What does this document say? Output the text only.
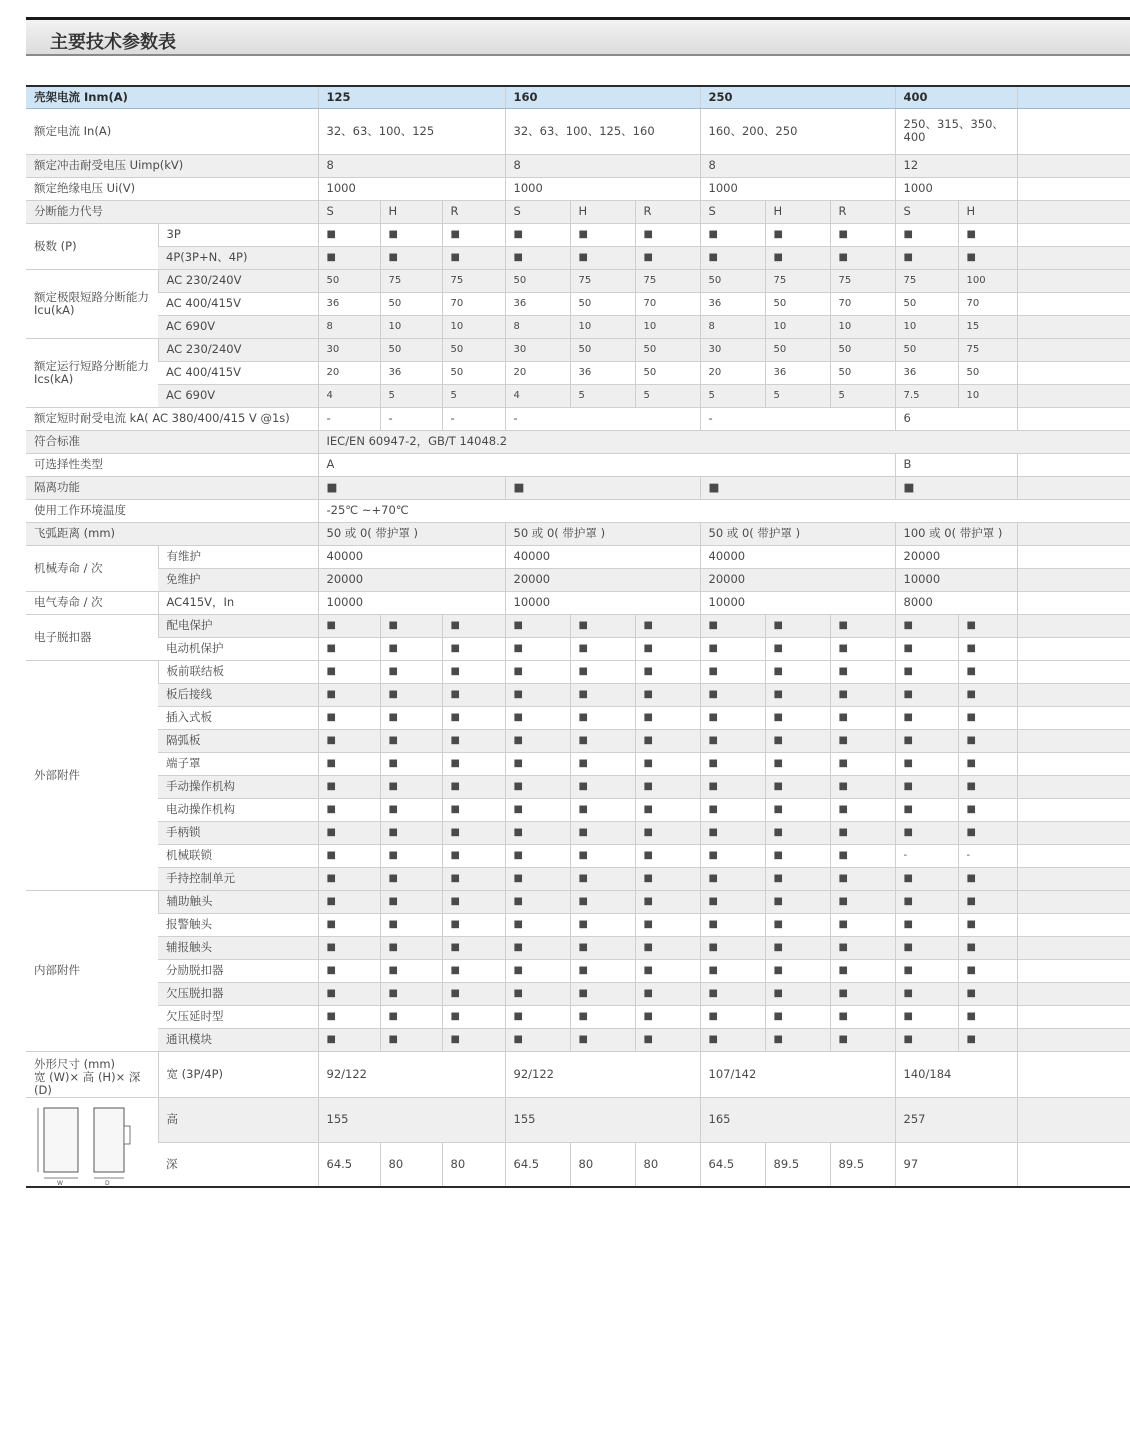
主要技术参数表
壳架电流 Inm(A)		125			160			250			400		
额定电流 In(A)		32、63、100、125			32、63、100、125、160			160、200、250			250、315、350、400		
额定冲击耐受电压 Uimp(kV)		8			8			8			12		
额定绝缘电压 Ui(V)		1000			1000			1000			1000		
分断能力代号		S	H	R	S	H	R	S	H	R	S	H	
极数 (P)	3P	■	■	■	■	■	■	■	■	■	■	■	
	4P(3P+N、4P)	■	■	■	■	■	■	■	■	■	■	■	
额定极限短路分断能力 Icu(kA)	AC 230/240V	50	75	75	50	75	75	50	75	75	75	100	
	AC 400/415V	36	50	70	36	50	70	36	50	70	50	70	
	AC 690V	8	10	10	8	10	10	8	10	10	10	15	
额定运行短路分断能力 Ics(kA)	AC 230/240V	30	50	50	30	50	50	30	50	50	50	75	
	AC 400/415V	20	36	50	20	36	50	20	36	50	36	50	
	AC 690V	4	5	5	4	5	5	5	5	5	7.5	10	
额定短时耐受电流 kA( AC 380/400/415 V @1s)		-	-	-	-			-			6		
符合标准		IEC/EN 60947-2，GB/T 14048.2											
可选择性类型		A									B		
隔离功能		■			■			■			■		
使用工作环境温度		-25℃ ~+70℃											
飞弧距离 (mm)		50 或 0( 带护罩 )			50 或 0( 带护罩 )			50 或 0( 带护罩 )			100 或 0( 带护罩 )		
机械寿命 / 次	有维护	40000			40000			40000			20000		
	免维护	20000			20000			20000			10000		
电气寿命 / 次	AC415V，In	10000			10000			10000			8000		
电子脱扣器	配电保护	■	■	■	■	■	■	■	■	■	■	■	
	电动机保护	■	■	■	■	■	■	■	■	■	■	■	
外部附件	板前联结板	■	■	■	■	■	■	■	■	■	■	■	
	板后接线	■	■	■	■	■	■	■	■	■	■	■	
	插入式板	■	■	■	■	■	■	■	■	■	■	■	
	隔弧板	■	■	■	■	■	■	■	■	■	■	■	
	端子罩	■	■	■	■	■	■	■	■	■	■	■	
	手动操作机构	■	■	■	■	■	■	■	■	■	■	■	
	电动操作机构	■	■	■	■	■	■	■	■	■	■	■	
	手柄锁	■	■	■	■	■	■	■	■	■	■	■	
	机械联锁	■	■	■	■	■	■	■	■	■	-	-	
	手持控制单元	■	■	■	■	■	■	■	■	■	■	■	
内部附件	辅助触头	■	■	■	■	■	■	■	■	■	■	■	
	报警触头	■	■	■	■	■	■	■	■	■	■	■	
	辅报触头	■	■	■	■	■	■	■	■	■	■	■	
	分励脱扣器	■	■	■	■	■	■	■	■	■	■	■	
	欠压脱扣器	■	■	■	■	■	■	■	■	■	■	■	
	欠压延时型	■	■	■	■	■	■	■	■	■	■	■	
	通讯模块	■	■	■	■	■	■	■	■	■	■	■	

外形尺寸 (mm)
宽 (W)× 高 (H)× 深 (D)	宽 (3P/4P)	92/122			92/122			107/142			140/184		

W D	高	155			155			165			257		
	深	64.5	80	80	64.5	80	80	64.5	89.5	89.5	97		
